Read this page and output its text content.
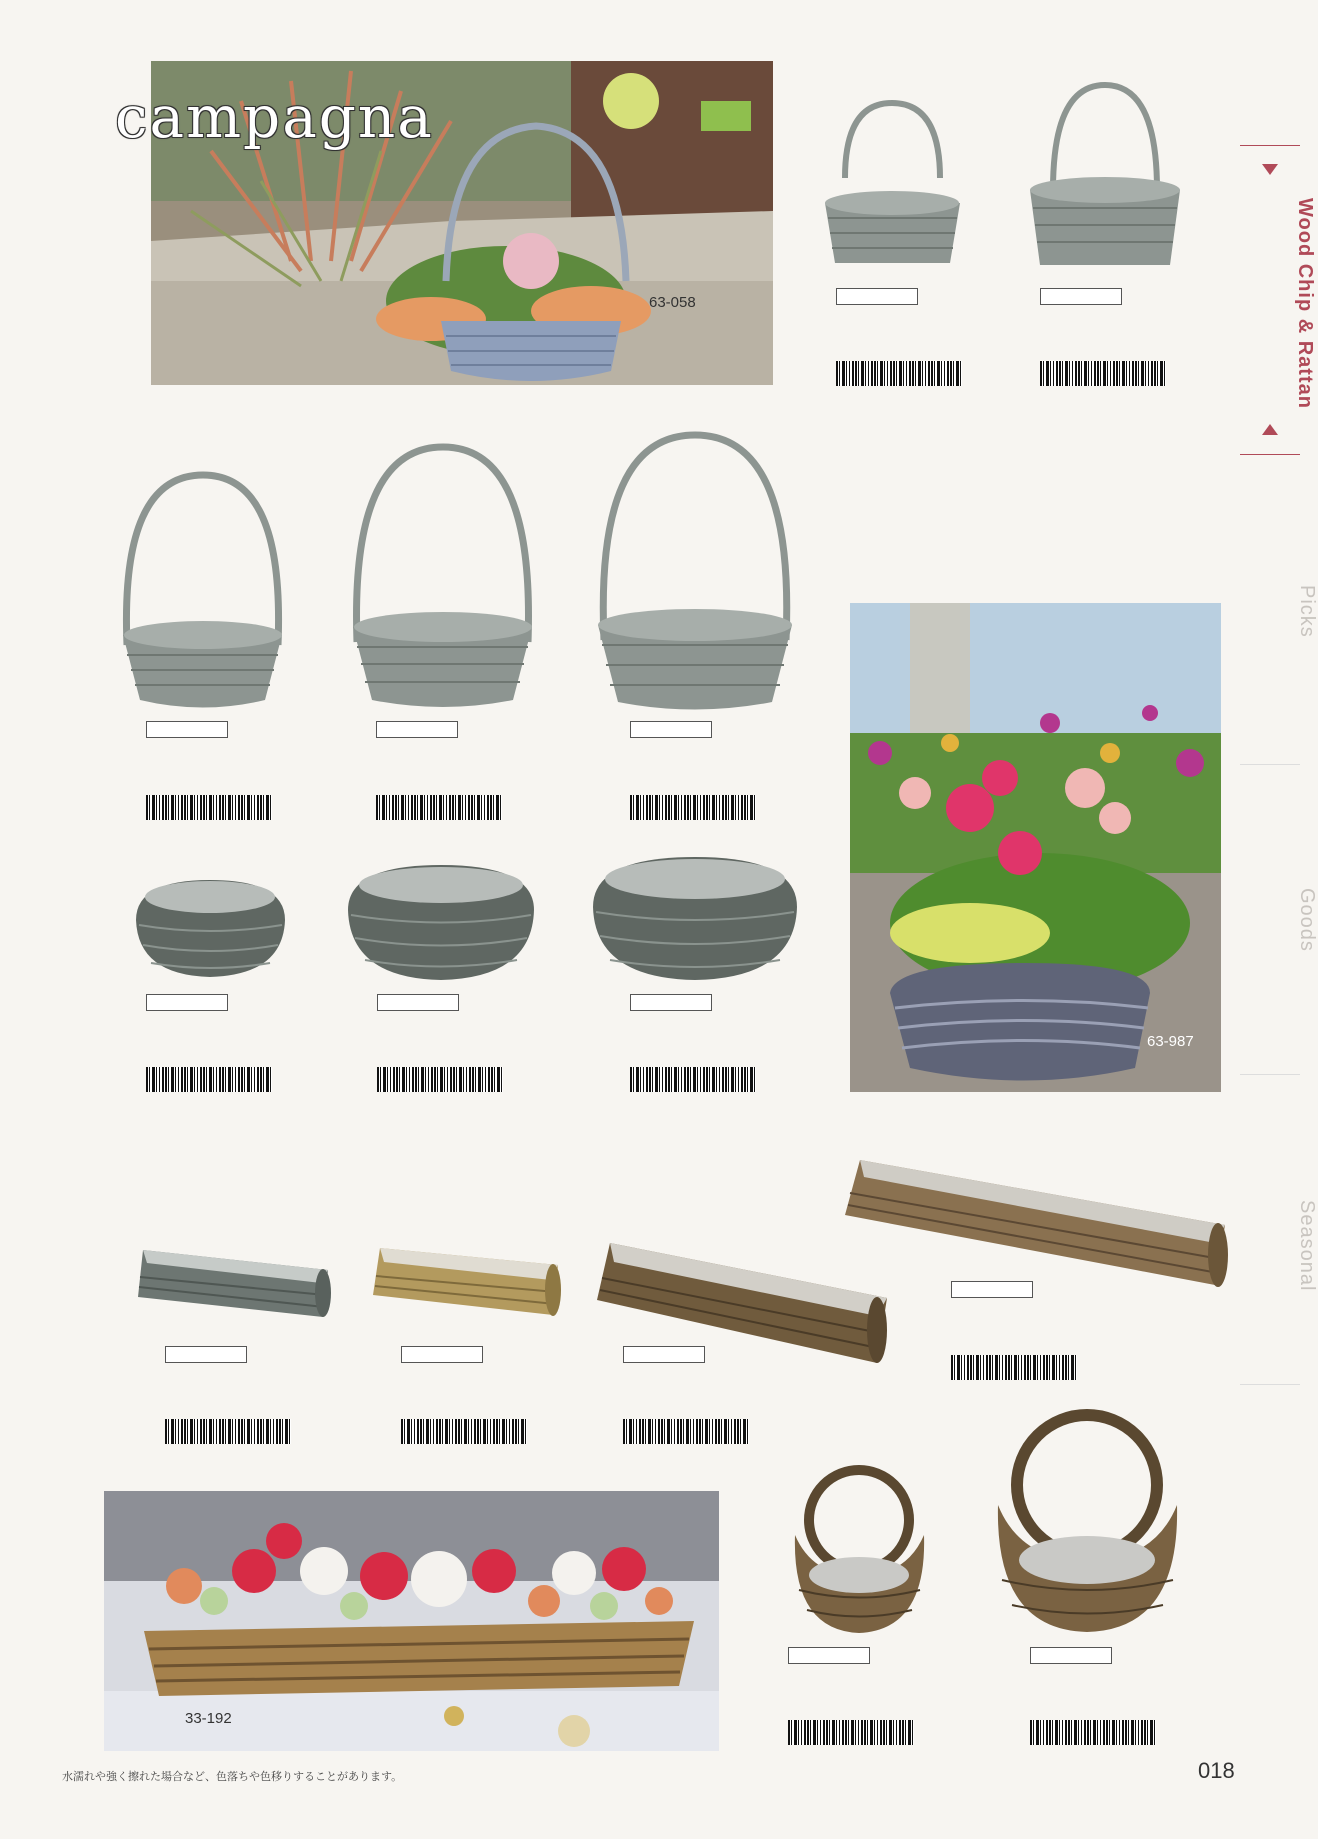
campagna
63-058	Wood Chip & Rattan
Picks
Goods
Seasonal
63-987
33-192
水濡れや強く擦れた場合など、色落ちや色移りすることがあります。	018
